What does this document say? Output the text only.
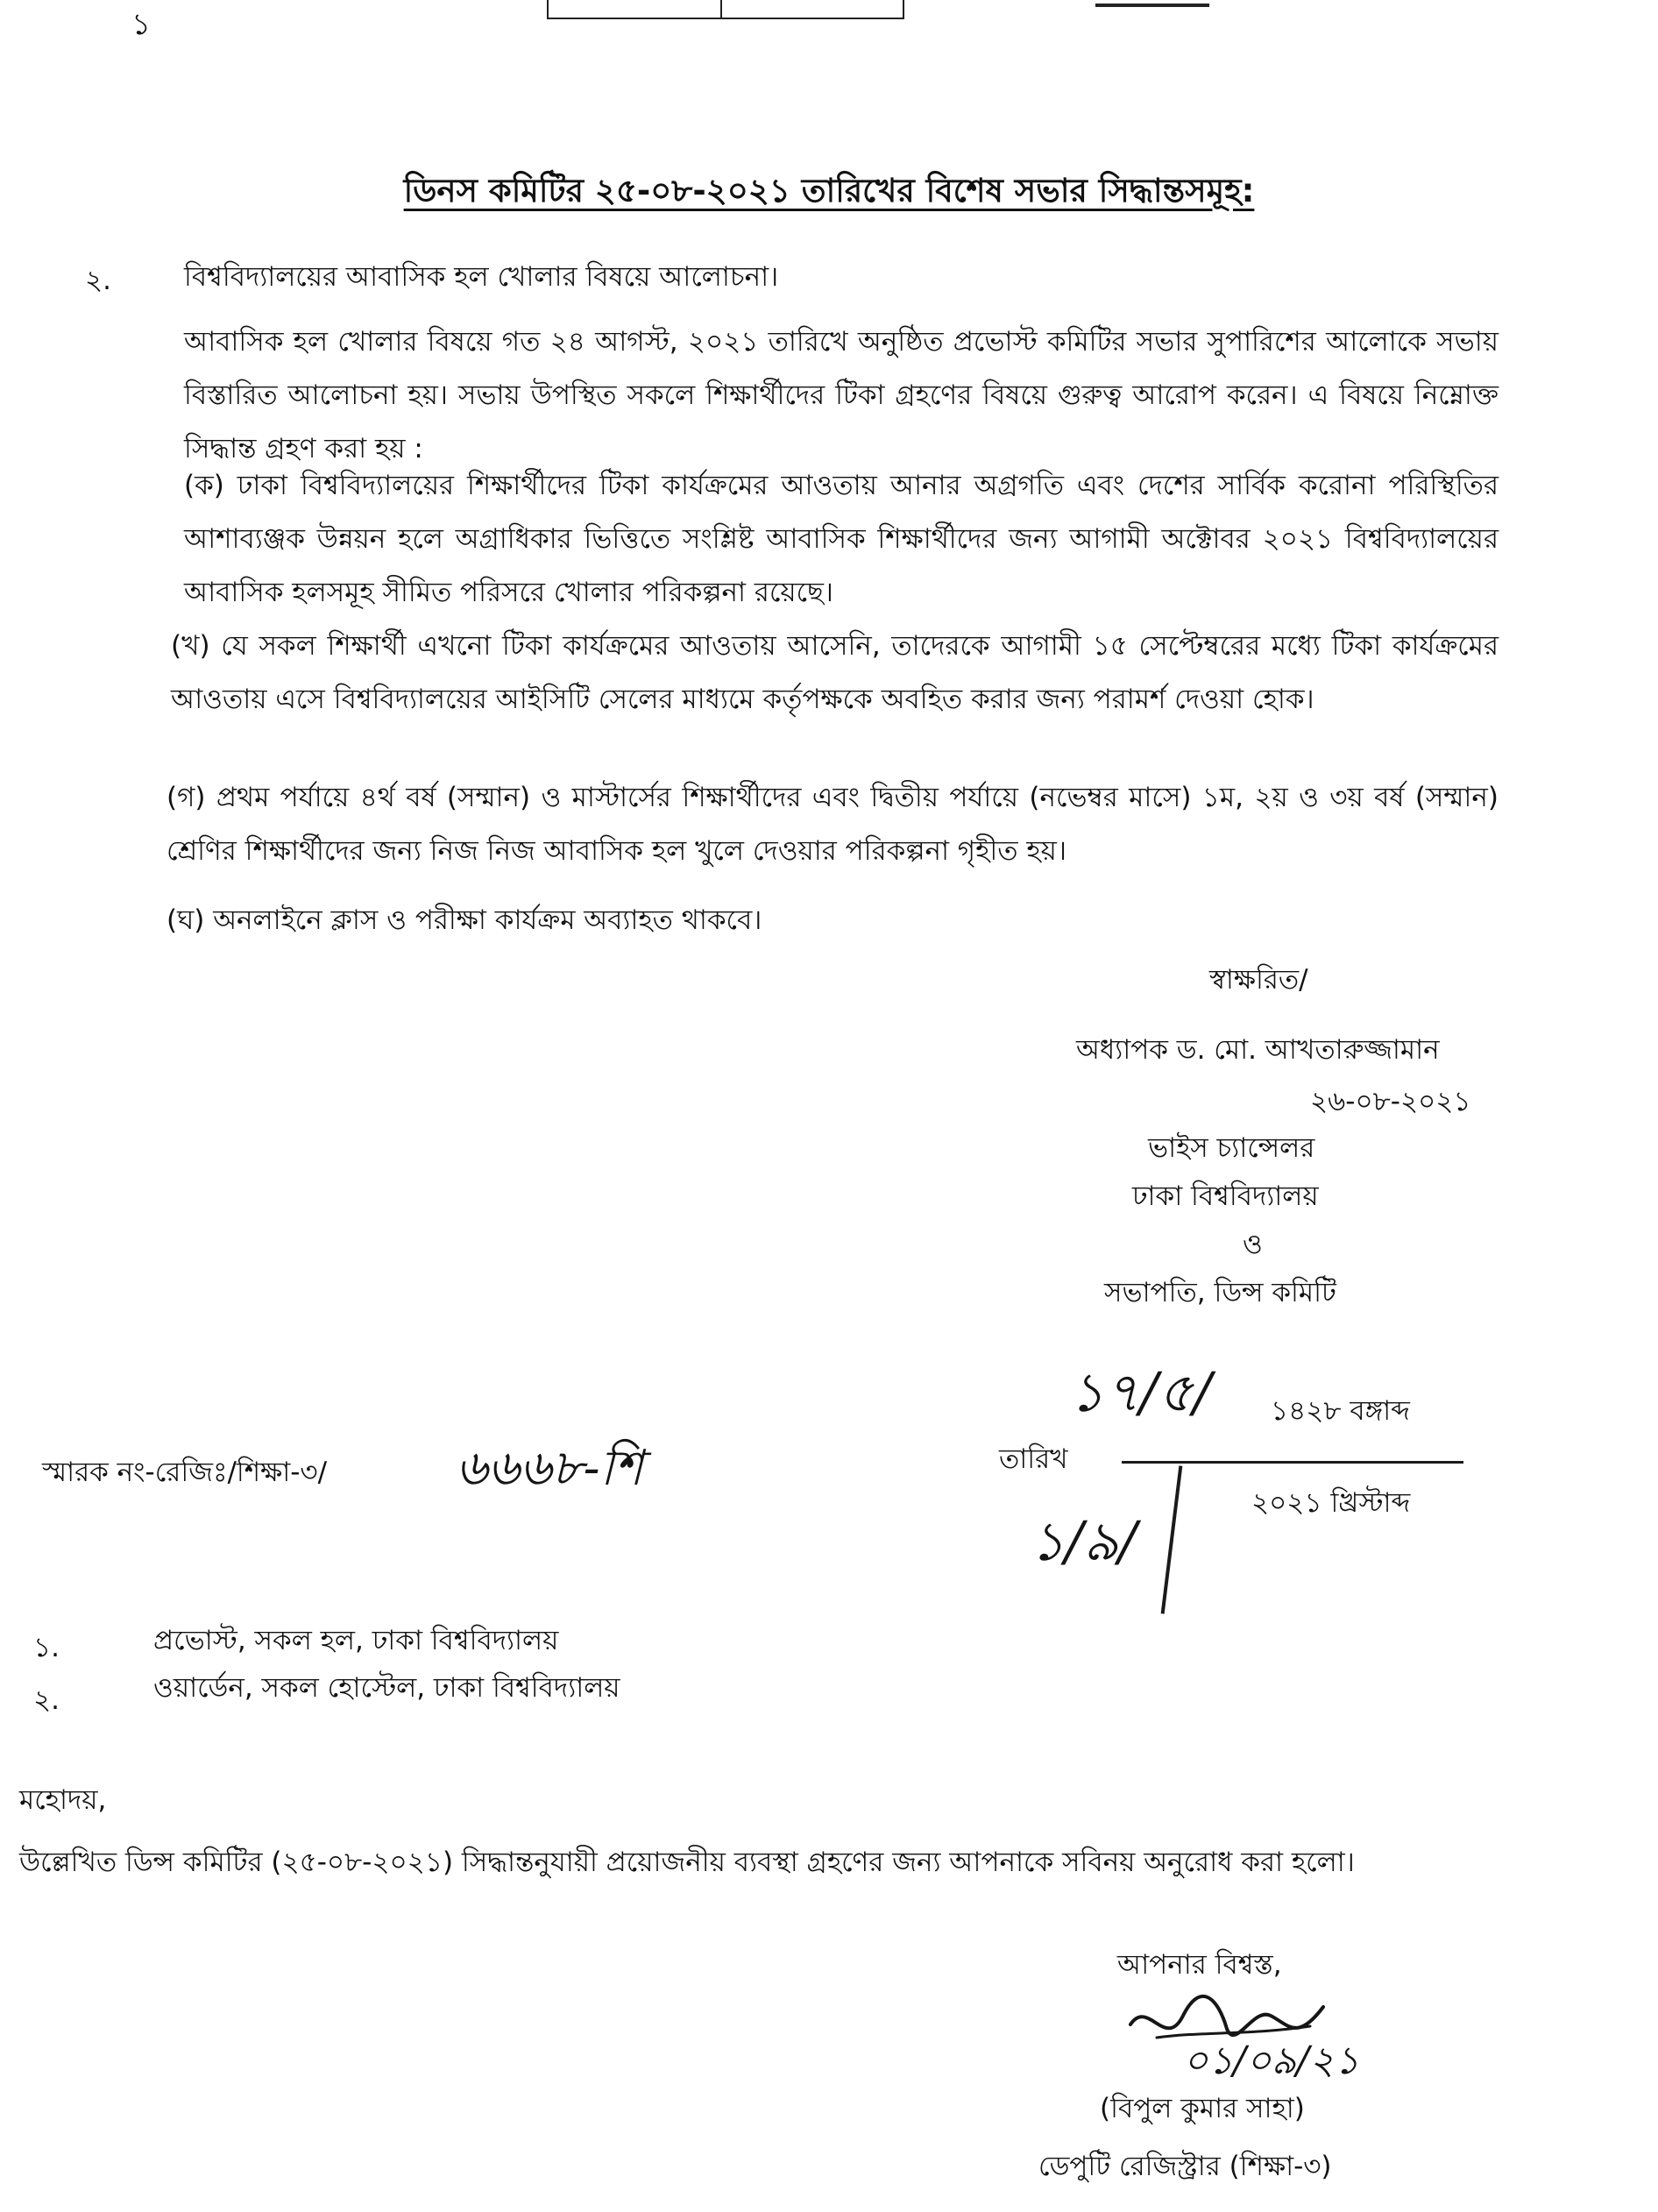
১
ডিনস কমিটির ২৫-০৮-২০২১ তারিখের বিশেষ সভার সিদ্ধান্তসমূহ:
২.	বিশ্ববিদ্যালয়ের আবাসিক হল খোলার বিষয়ে আলোচনা।
আবাসিক হল খোলার বিষয়ে গত ২৪ আগস্ট, ২০২১ তারিখে অনুষ্ঠিত প্রভোস্ট কমিটির সভার সুপারিশের আলোকে সভায় বিস্তারিত আলোচনা হয়। সভায় উপস্থিত সকলে শিক্ষার্থীদের টিকা গ্রহণের বিষয়ে গুরুত্ব আরোপ করেন। এ বিষয়ে নিম্নোক্ত সিদ্ধান্ত গ্রহণ করা হয় :
(ক) ঢাকা বিশ্ববিদ্যালয়ের শিক্ষার্থীদের টিকা কার্যক্রমের আওতায় আনার অগ্রগতি এবং দেশের সার্বিক করোনা পরিস্থিতির আশাব্যঞ্জক উন্নয়ন হলে অগ্রাধিকার ভিত্তিতে সংশ্লিষ্ট আবাসিক শিক্ষার্থীদের জন্য আগামী অক্টোবর ২০২১ বিশ্ববিদ্যালয়ের আবাসিক হলসমূহ সীমিত পরিসরে খোলার পরিকল্পনা রয়েছে।
(খ) যে সকল শিক্ষার্থী এখনো টিকা কার্যক্রমের আওতায় আসেনি, তাদেরকে আগামী ১৫ সেপ্টেম্বরের মধ্যে টিকা কার্যক্রমের আওতায় এসে বিশ্ববিদ্যালয়ের আইসিটি সেলের মাধ্যমে কর্তৃপক্ষকে অবহিত করার জন্য পরামর্শ দেওয়া হোক।
(গ) প্রথম পর্যায়ে ৪র্থ বর্ষ (সম্মান) ও মাস্টার্সের শিক্ষার্থীদের এবং দ্বিতীয় পর্যায়ে (নভেম্বর মাসে) ১ম, ২য় ও ৩য় বর্ষ (সম্মান) শ্রেণির শিক্ষার্থীদের জন্য নিজ নিজ আবাসিক হল খুলে দেওয়ার পরিকল্পনা গৃহীত হয়।
(ঘ) অনলাইনে ক্লাস ও পরীক্ষা কার্যক্রম অব্যাহত থাকবে।
স্বাক্ষরিত/
অধ্যাপক ড. মো. আখতারুজ্জামান
২৬-০৮-২০২১
ভাইস চ্যান্সেলর
ঢাকা বিশ্ববিদ্যালয়
ও
সভাপতি, ডিন্স কমিটি
স্মারক নং-রেজিঃ/শিক্ষা-৩/	৬৬৬৮-শি
১৭/৫/ ১৪২৮ বঙ্গাব্দ
তারিখ
১/৯/
২০২১ খ্রিস্টাব্দ
১.	প্রভোস্ট, সকল হল, ঢাকা বিশ্ববিদ্যালয়
২.	ওয়ার্ডেন, সকল হোস্টেল, ঢাকা বিশ্ববিদ্যালয়
মহোদয়,
উল্লেখিত ডিন্স কমিটির (২৫-০৮-২০২১) সিদ্ধান্তনুযায়ী প্রয়োজনীয় ব্যবস্থা গ্রহণের জন্য আপনাকে সবিনয় অনুরোধ করা হলো।
আপনার বিশ্বস্ত,
০১/০৯/২১
(বিপুল কুমার সাহা)
ডেপুটি রেজিস্ট্রার (শিক্ষা-৩)
